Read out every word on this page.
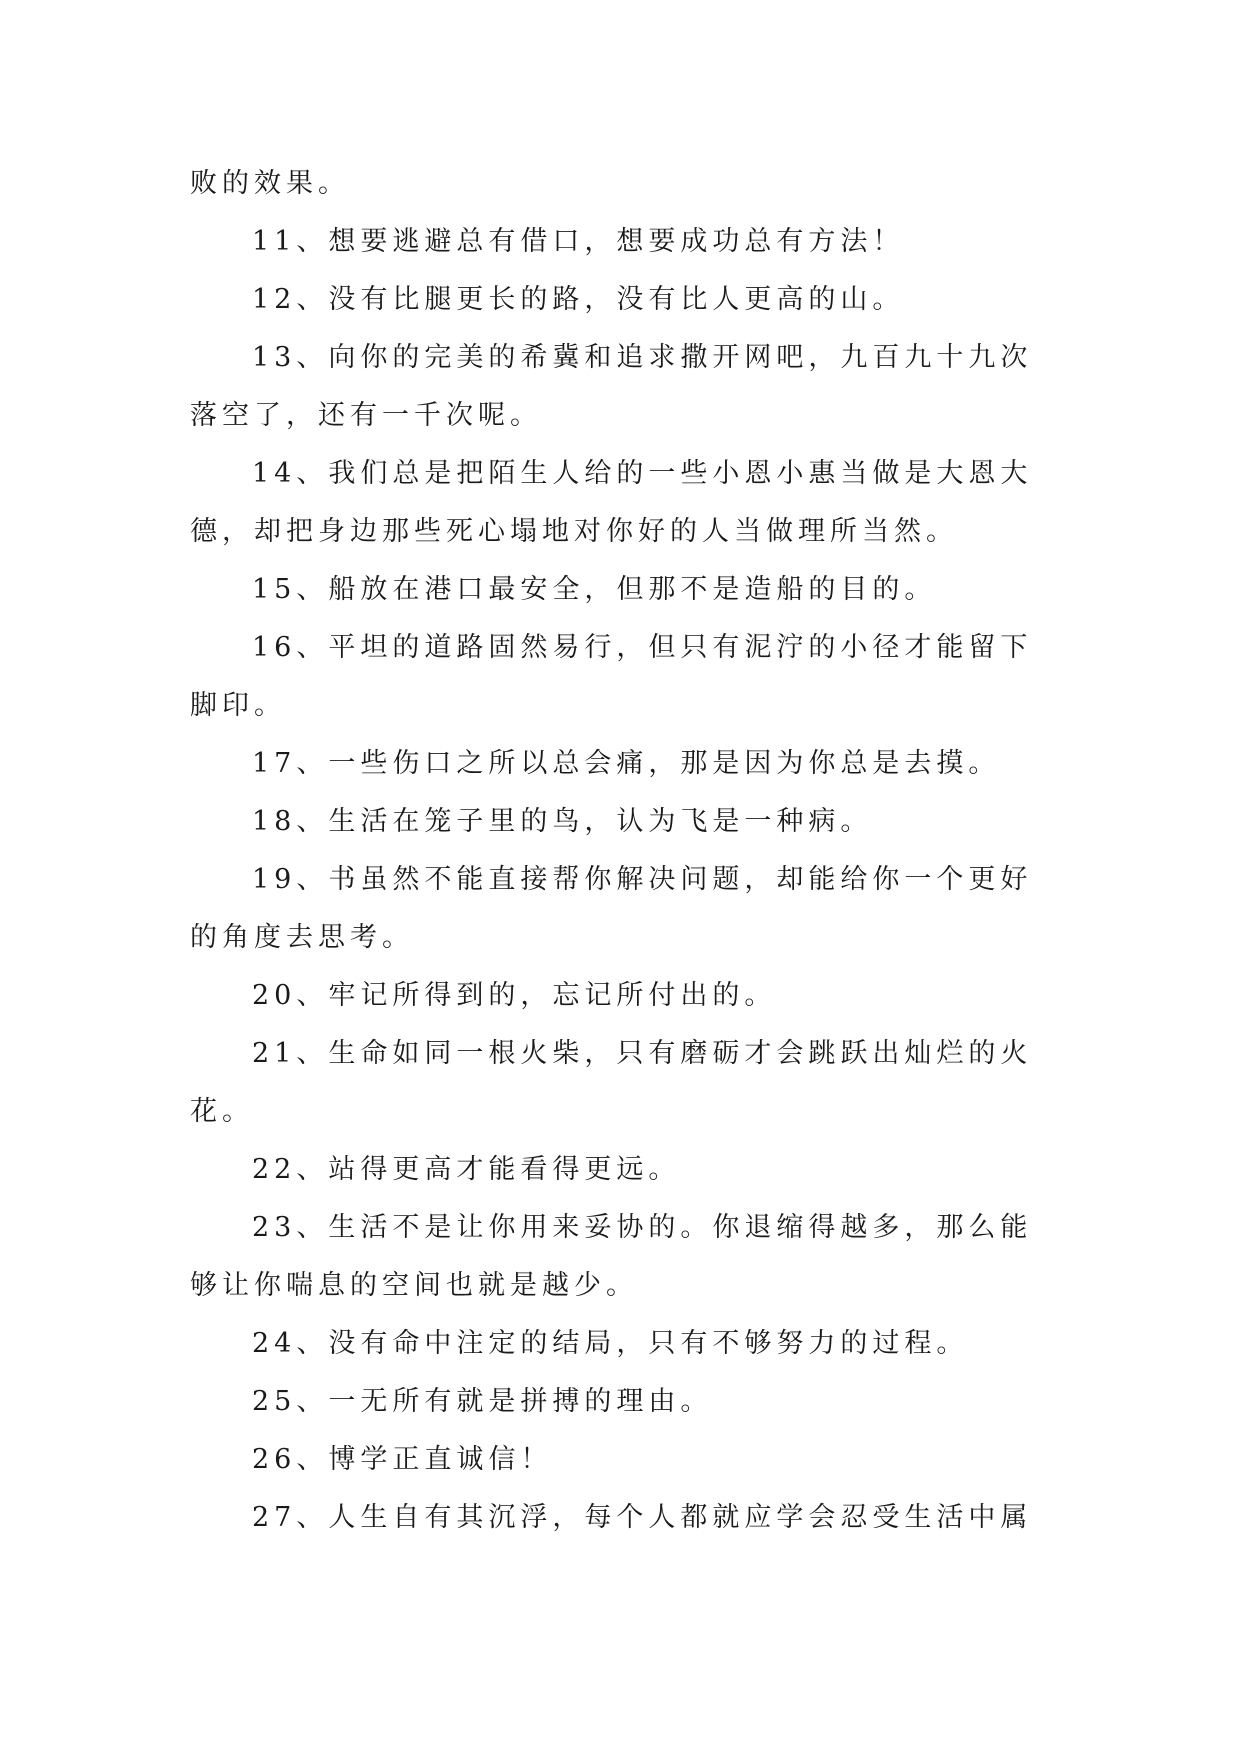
败的效果。
11、想要逃避总有借口，想要成功总有方法！
12、没有比腿更长的路，没有比人更高的山。
13、向你的完美的希冀和追求撒开网吧，九百九十九次
落空了，还有一千次呢。
14、我们总是把陌生人给的一些小恩小惠当做是大恩大
德，却把身边那些死心塌地对你好的人当做理所当然。
15、船放在港口最安全，但那不是造船的目的。
16、平坦的道路固然易行，但只有泥泞的小径才能留下
脚印。
17、一些伤口之所以总会痛，那是因为你总是去摸。
18、生活在笼子里的鸟，认为飞是一种病。
19、书虽然不能直接帮你解决问题，却能给你一个更好
的角度去思考。
20、牢记所得到的，忘记所付出的。
21、生命如同一根火柴，只有磨砺才会跳跃出灿烂的火
花。
22、站得更高才能看得更远。
23、生活不是让你用来妥协的。你退缩得越多，那么能
够让你喘息的空间也就是越少。
24、没有命中注定的结局，只有不够努力的过程。
25、一无所有就是拼搏的理由。
26、博学正直诚信！
27、人生自有其沉浮，每个人都就应学会忍受生活中属
